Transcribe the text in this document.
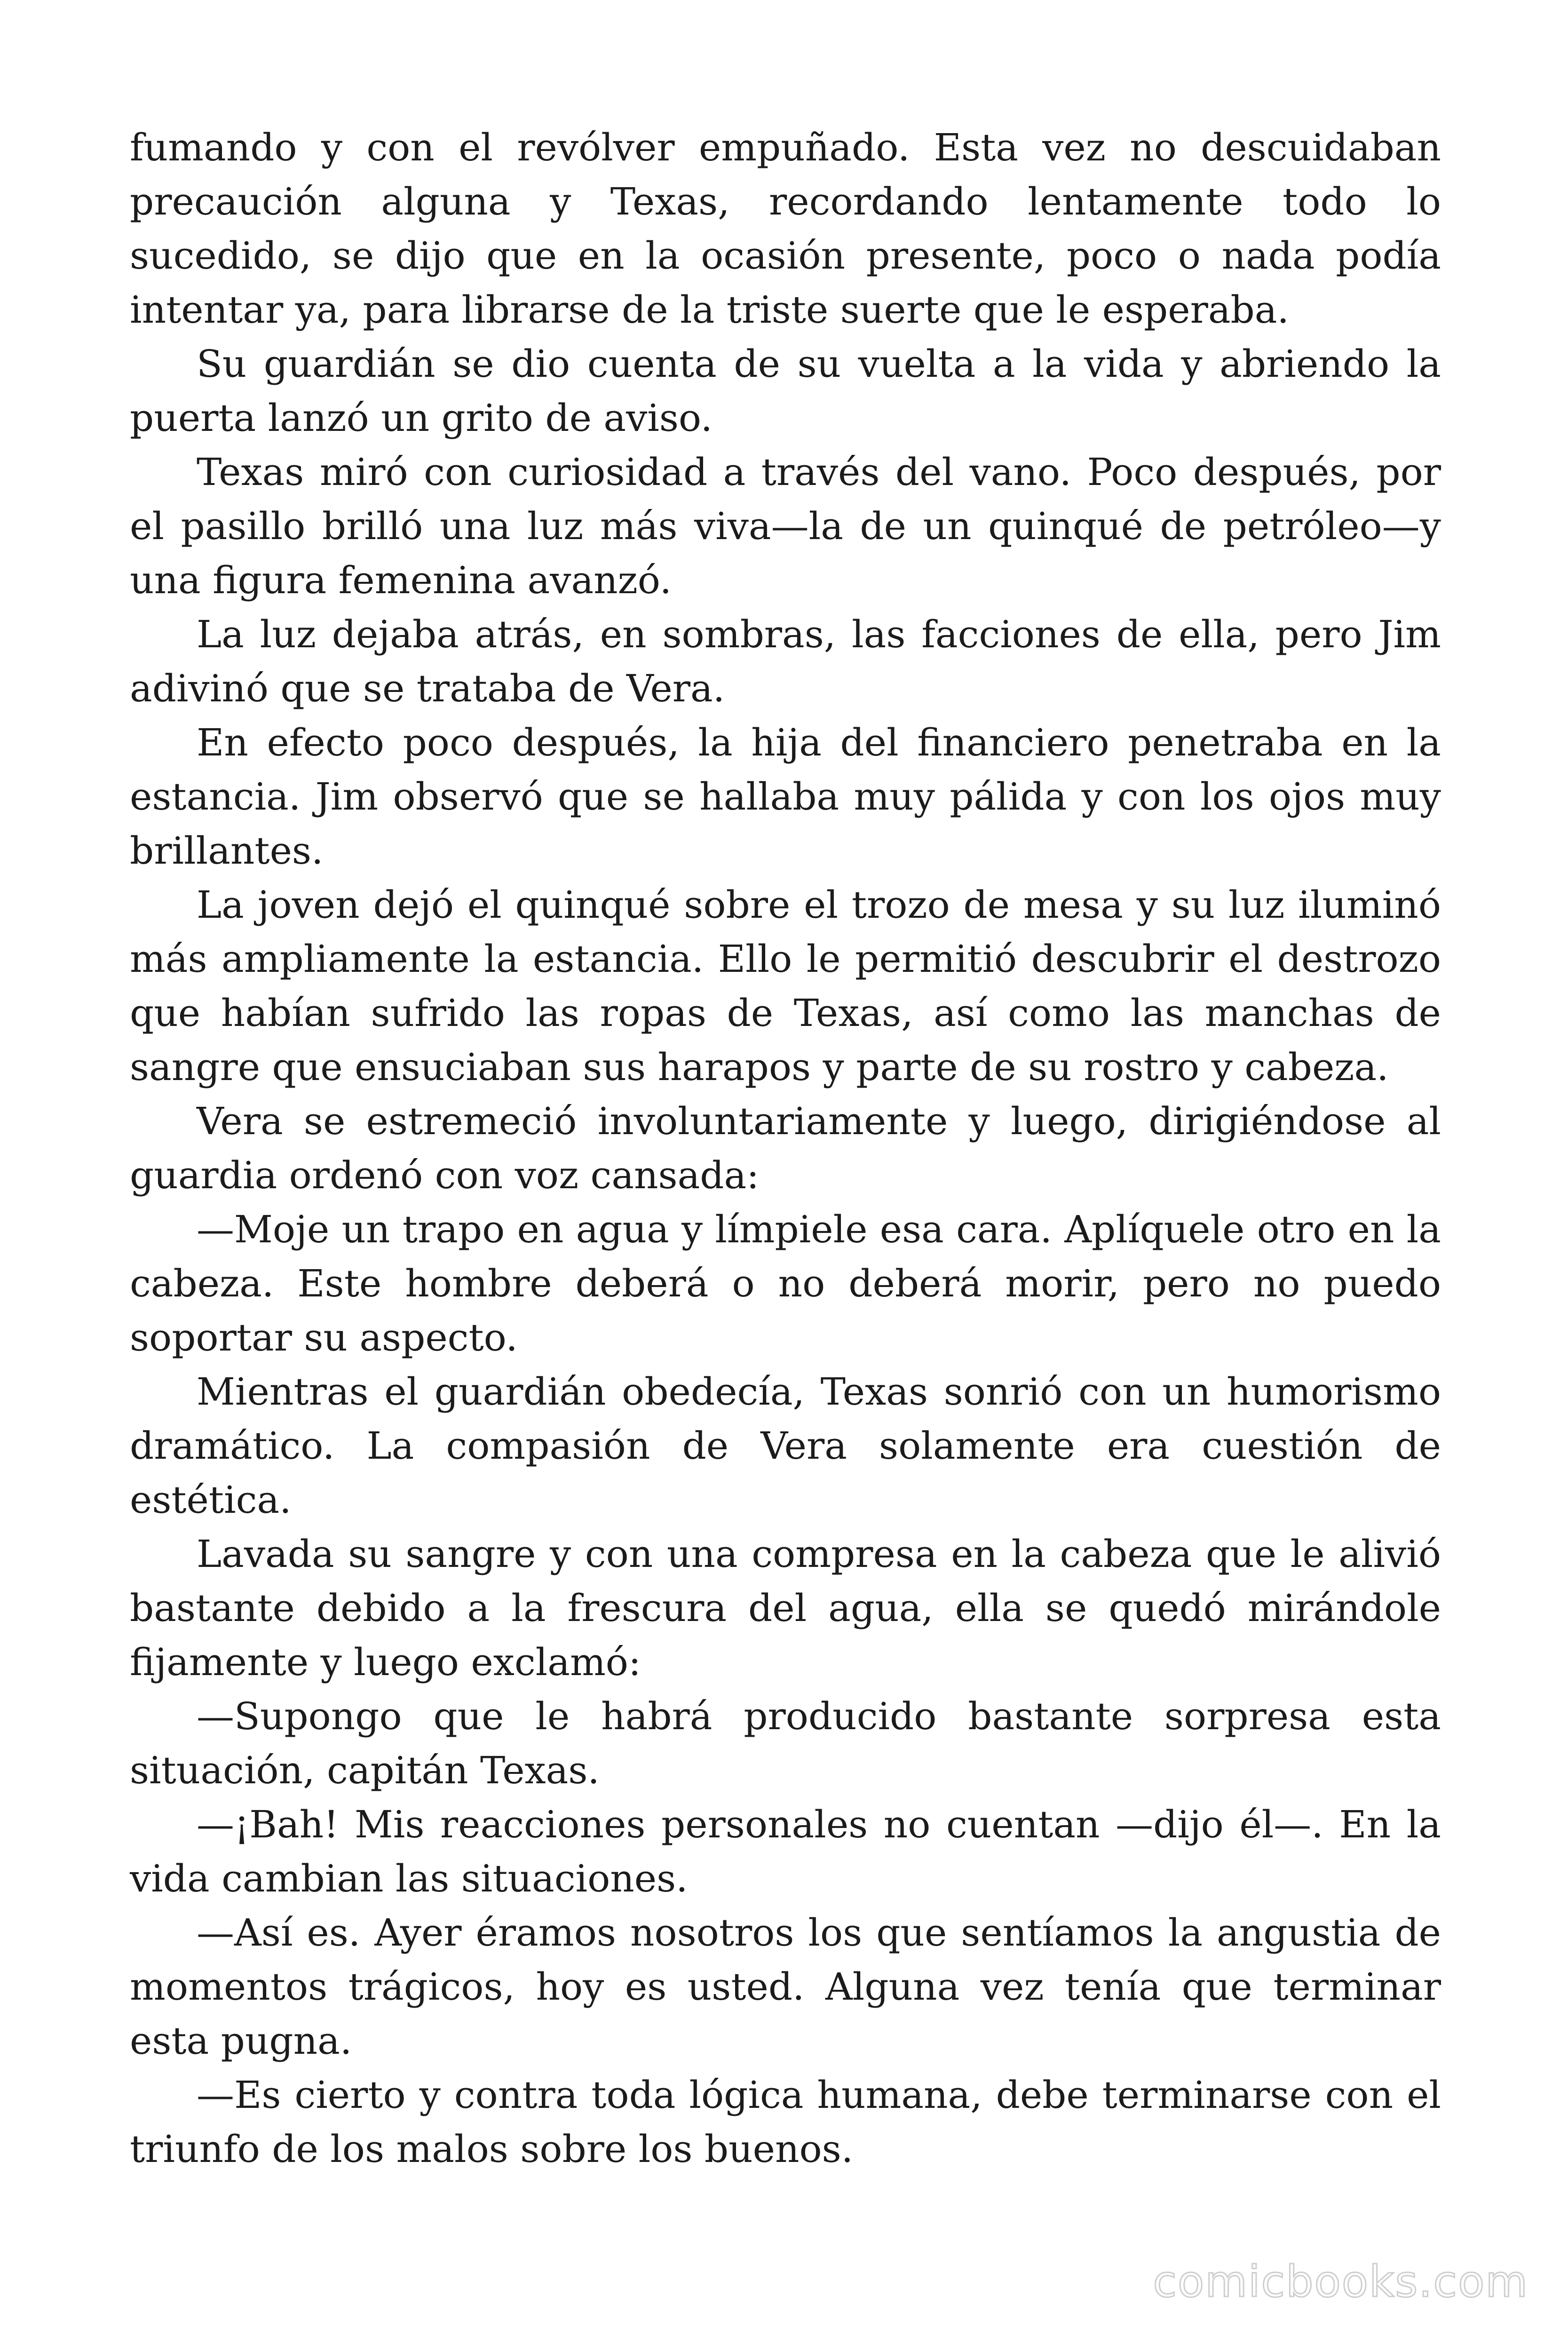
fumando y con el revólver empuñado. Esta vez no descuidaban precaución alguna y Texas, recordando lentamente todo lo sucedido, se dijo que en la ocasión presente, poco o nada podía intentar ya, para librarse de la triste suerte que le esperaba.

Su guardián se dio cuenta de su vuelta a la vida y abriendo la puerta lanzó un grito de aviso.

Texas miró con curiosidad a través del vano. Poco después, por el pasillo brilló una luz más viva—la de un quinqué de petróleo—y una figura femenina avanzó.

La luz dejaba atrás, en sombras, las facciones de ella, pero Jim adivinó que se trataba de Vera.

En efecto poco después, la hija del financiero penetraba en la estancia. Jim observó que se hallaba muy pálida y con los ojos muy brillantes.

La joven dejó el quinqué sobre el trozo de mesa y su luz iluminó más ampliamente la estancia. Ello le permitió descubrir el destrozo que habían sufrido las ropas de Texas, así como las manchas de sangre que ensuciaban sus harapos y parte de su rostro y cabeza.

Vera se estremeció involuntariamente y luego, dirigiéndose al guardia ordenó con voz cansada:

—Moje un trapo en agua y límpiele esa cara. Aplíquele otro en la cabeza. Este hombre deberá o no deberá morir, pero no puedo soportar su aspecto.

Mientras el guardián obedecía, Texas sonrió con un humorismo dramático. La compasión de Vera solamente era cuestión de estética.

Lavada su sangre y con una compresa en la cabeza que le alivió bastante debido a la frescura del agua, ella se quedó mirándole fijamente y luego exclamó:

—Supongo que le habrá producido bastante sorpresa esta situación, capitán Texas.

—¡Bah! Mis reacciones personales no cuentan —dijo él—. En la vida cambian las situaciones.

—Así es. Ayer éramos nosotros los que sentíamos la angustia de momentos trágicos, hoy es usted. Alguna vez tenía que terminar esta pugna.

—Es cierto y contra toda lógica humana, debe terminarse con el triunfo de los malos sobre los buenos.

comicbooks.com
